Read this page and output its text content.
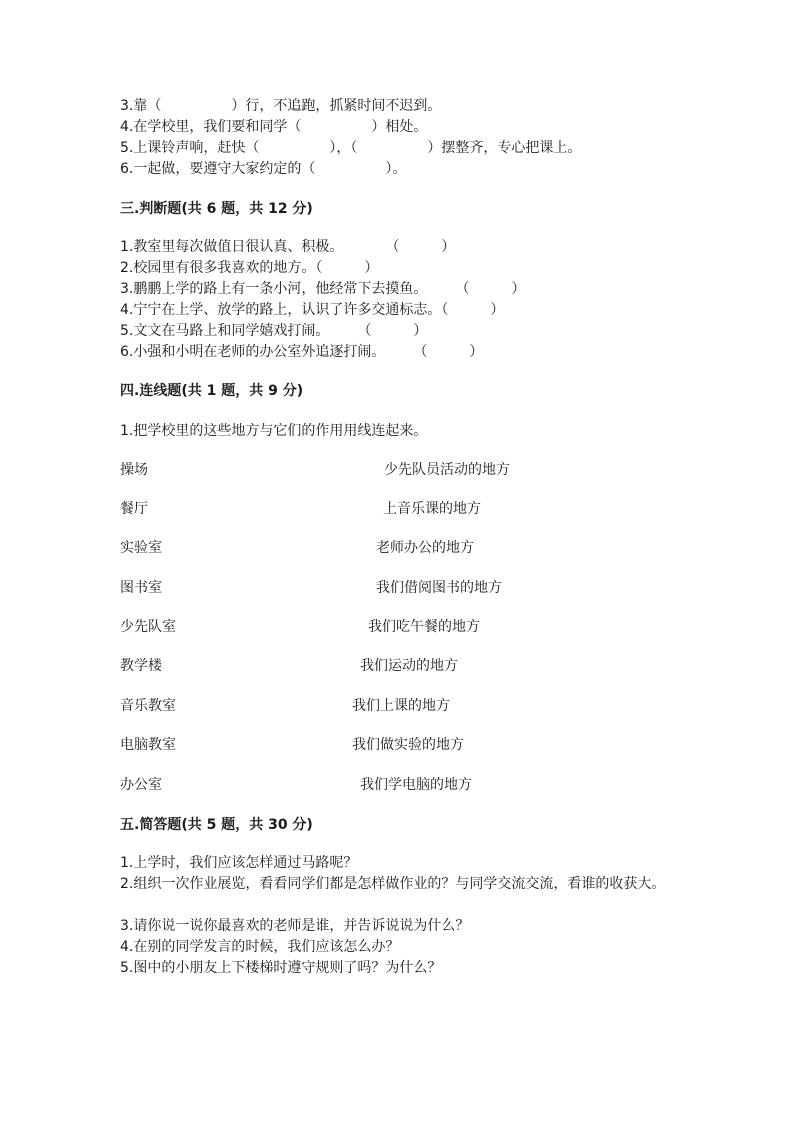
3.靠（　　　　　）行，不追跑，抓紧时间不迟到。
4.在学校里，我们要和同学（　　　　　）相处。
5.上课铃声响，赶快（　　　　　），（　　　　　）摆整齐，专心把课上。
6.一起做，要遵守大家约定的（　　　　　）。
三.判断题(共 6 题，共 12 分)
1.教室里每次做值日很认真、积极。　　　　（　　　）
2.校园里有很多我喜欢的地方。（　　　）
3.鹏鹏上学的路上有一条小河，他经常下去摸鱼。　　　（　　　）
4.宁宁在上学、放学的路上，认识了许多交通标志。（　　　）
5.文文在马路上和同学嬉戏打闹。　　　（　　　）
6.小强和小明在老师的办公室外追逐打闹。　　　（　　　）
四.连线题(共 1 题，共 9 分)
1.把学校里的这些地方与它们的作用用线连起来。
操场	少先队员活动的地方
餐厅	上音乐课的地方
实验室	老师办公的地方
图书室	我们借阅图书的地方
少先队室	我们吃午餐的地方
教学楼	我们运动的地方
音乐教室	我们上课的地方
电脑教室	我们做实验的地方
办公室	我们学电脑的地方
五.简答题(共 5 题，共 30 分)
1.上学时，我们应该怎样通过马路呢？
2.组织一次作业展览，看看同学们都是怎样做作业的？与同学交流交流，看谁的收获大。
3.请你说一说你最喜欢的老师是谁，并告诉说说为什么？
4.在别的同学发言的时候，我们应该怎么办？
5.图中的小朋友上下楼梯时遵守规则了吗？为什么？
